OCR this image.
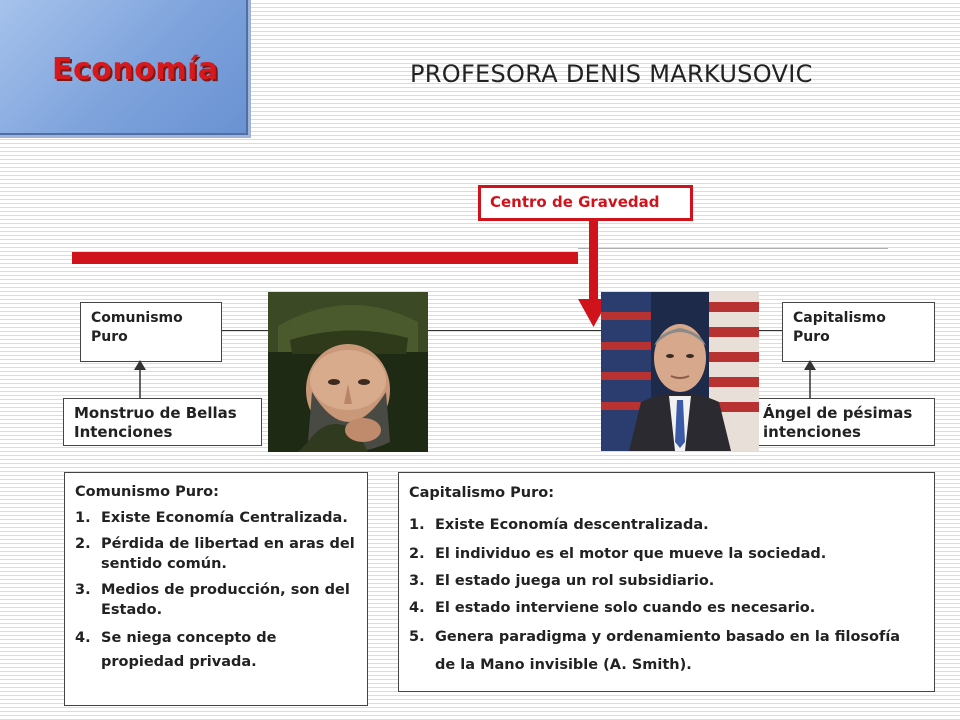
Economía	PROFESORA DENIS MARKUSOVIC
Centro de Gravedad
Comunismo Puro
Capitalismo Puro
Monstruo de Bellas Intenciones
Ángel de pésimas intenciones
Comunismo Puro:
1. Existe Economía Centralizada.
2. Pérdida de libertad en aras del sentido común.
3. Medios de producción, son del Estado.
4. Se niega concepto de propiedad privada.
Capitalismo Puro:
1. Existe Economía descentralizada.
2. El individuo es el motor que mueve la sociedad.
3. El estado juega un rol subsidiario.
4. El estado interviene solo cuando es necesario.
5. Genera paradigma y ordenamiento basado en la filosofía de la Mano invisible (A. Smith).
